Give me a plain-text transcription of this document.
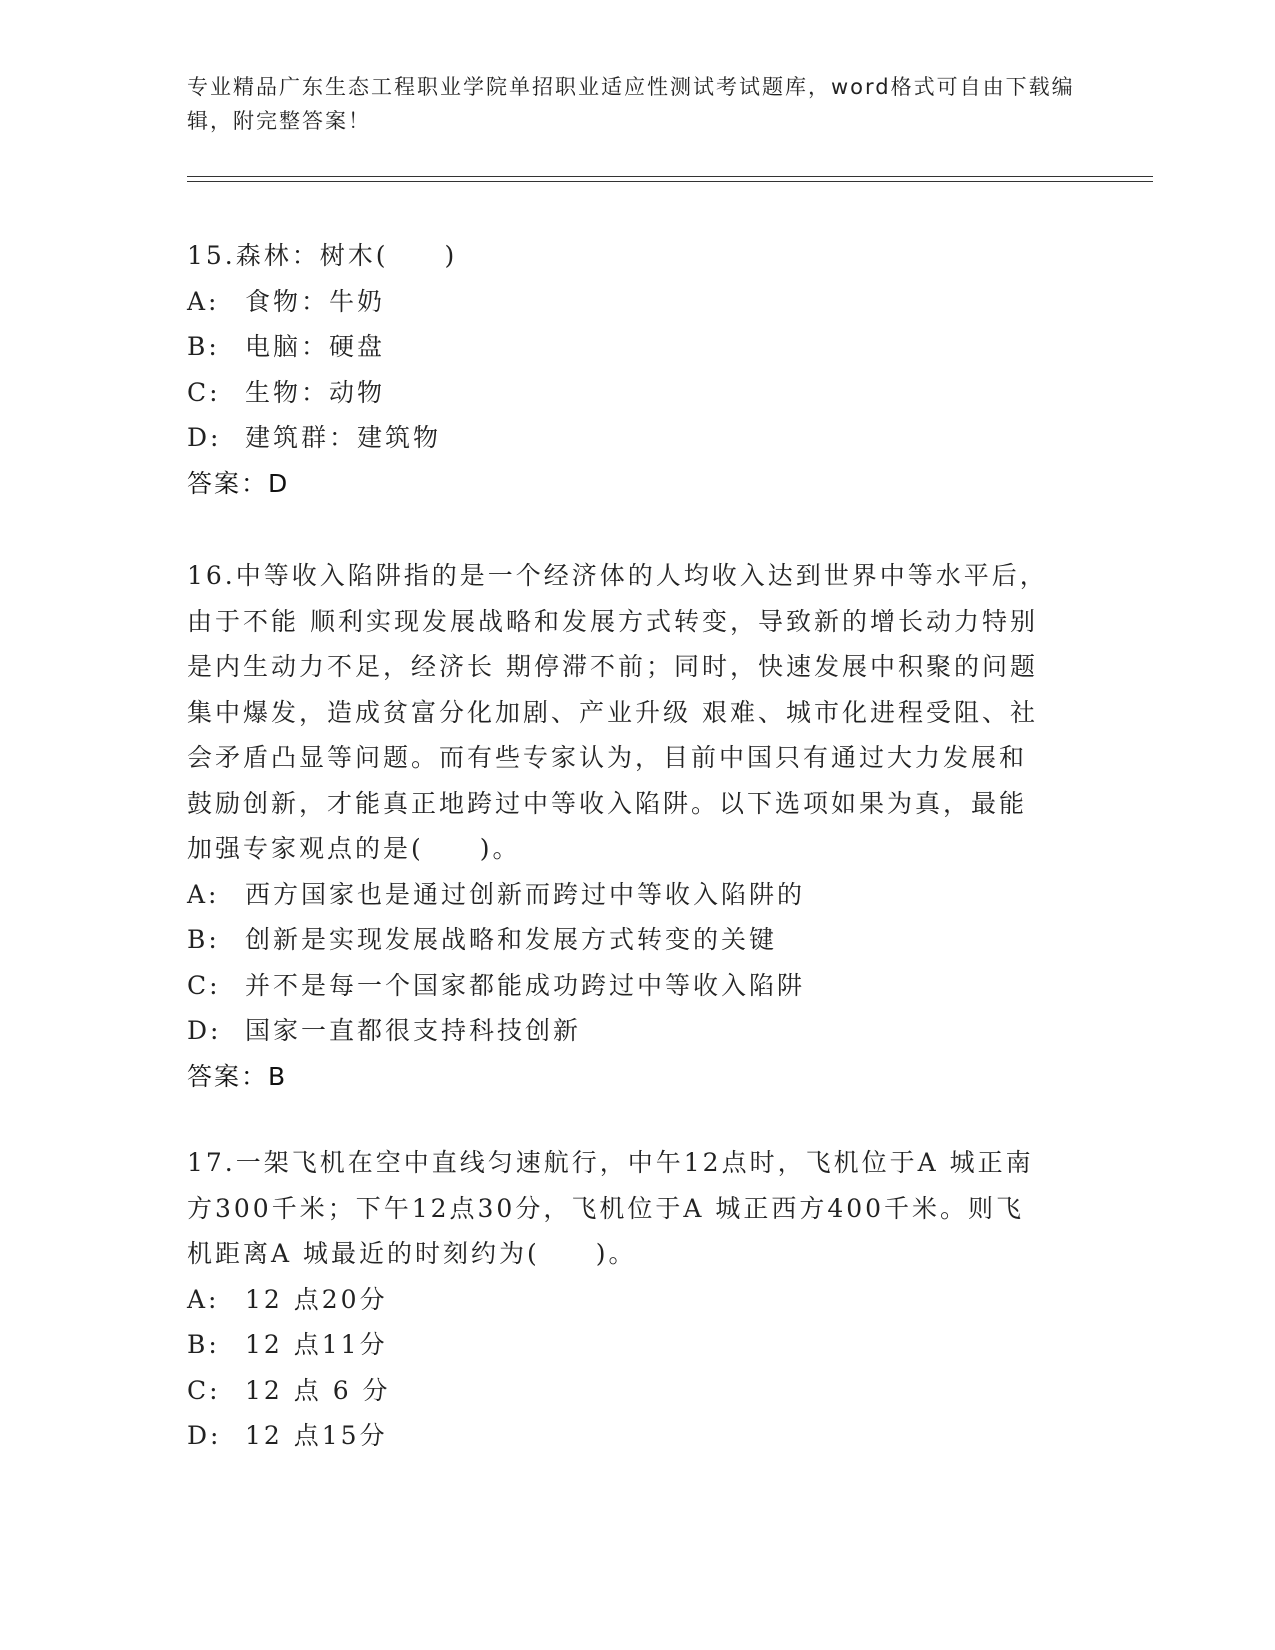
专业精品广东生态工程职业学院单招职业适应性测试考试题库，word格式可自由下载编辑，附完整答案！
15.森林：树木(　　)
A:	食物：牛奶
B:	电脑：硬盘
C: 生物：动物
D: 建筑群：建筑物
答案：D
16.中等收入陷阱指的是一个经济体的人均收入达到世界中等水平后，
由于不能 顺利实现发展战略和发展方式转变，导致新的增长动力特别
是内生动力不足，经济长 期停滞不前；同时，快速发展中积聚的问题
集中爆发，造成贫富分化加剧、产业升级 艰难、城市化进程受阻、社
会矛盾凸显等问题。而有些专家认为，目前中国只有通过大力发展和
鼓励创新，才能真正地跨过中等收入陷阱。以下选项如果为真，最能
加强专家观点的是(　　)。
A:	西方国家也是通过创新而跨过中等收入陷阱的
B:	创新是实现发展战略和发展方式转变的关键
C: 并不是每一个国家都能成功跨过中等收入陷阱
D: 国家一直都很支持科技创新
答案：B
17.一架飞机在空中直线匀速航行，中午12点时，飞机位于A 城正南
方300千米；下午12点30分，飞机位于A 城正西方400千米。则飞
机距离A 城最近的时刻约为(　　)。
A:	12 点20分
B:	12 点11分
C: 12 点 6 分
D: 12 点15分
